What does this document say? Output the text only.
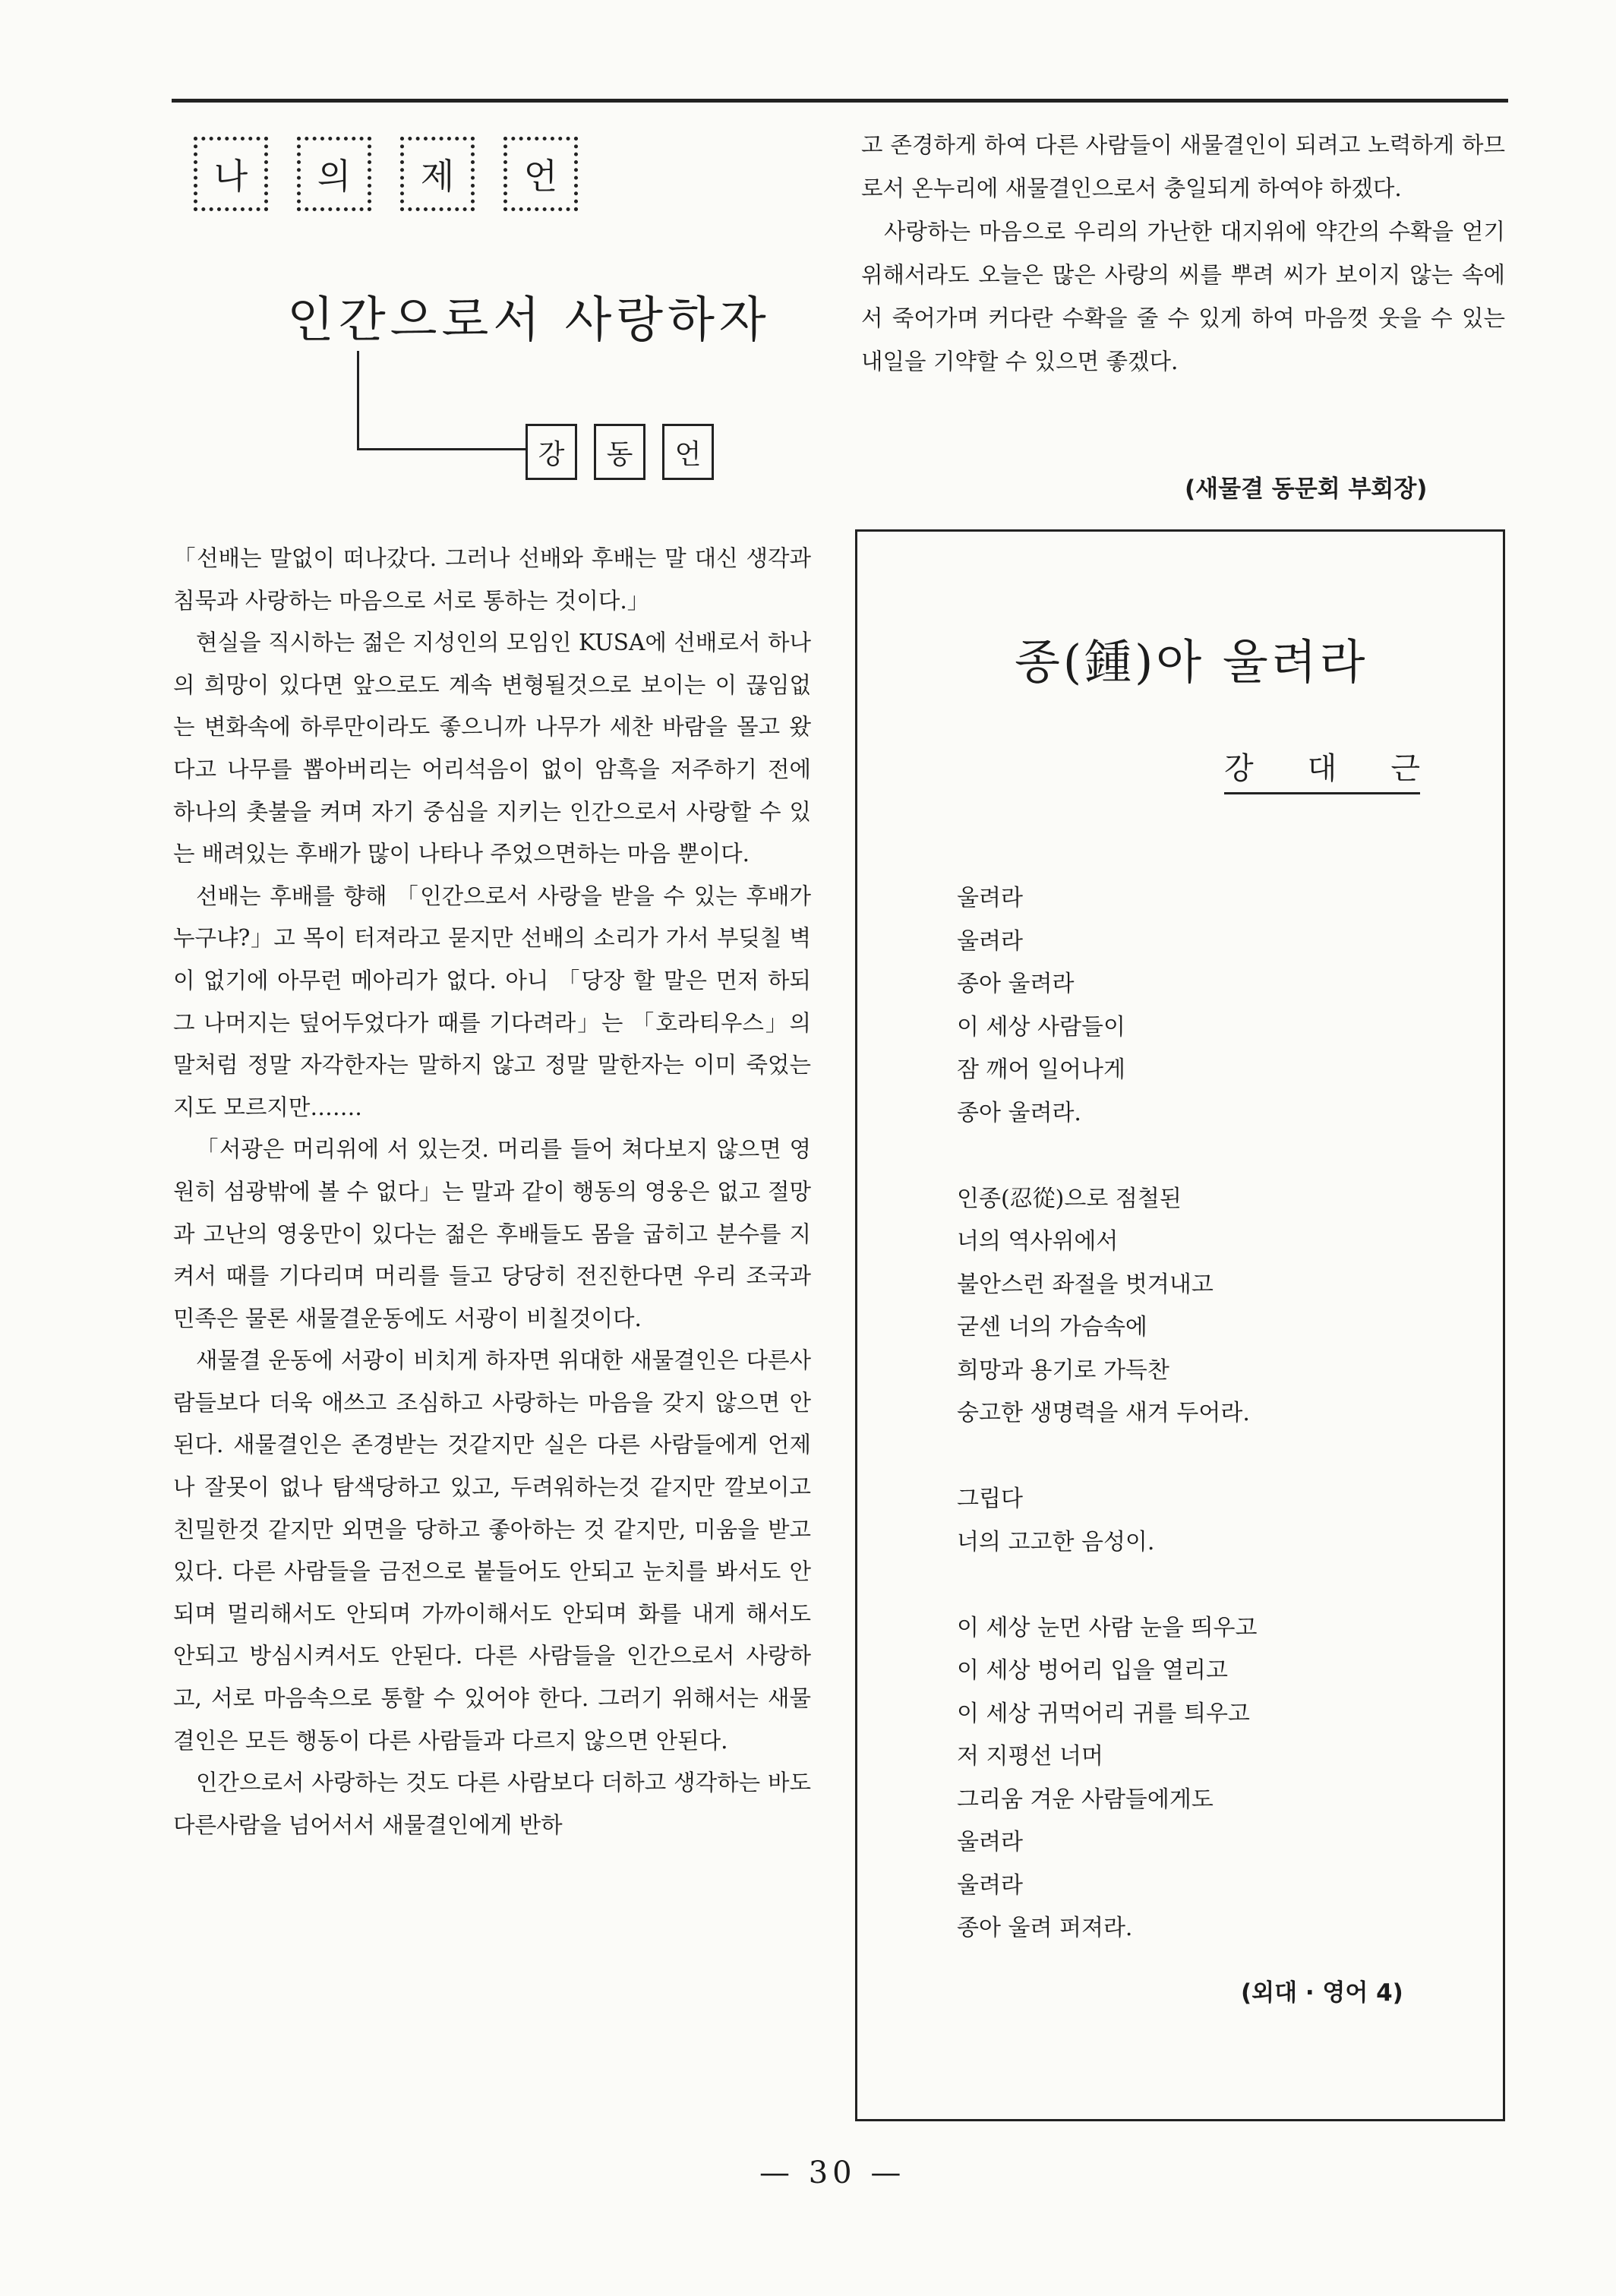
나	의	제	언
인간으로서 사랑하자
강	동	언

「선배는 말없이 떠나갔다. 그러나 선배와 후배는 말 대신 생각과 침묵과 사랑하는 마음으로 서로 통하는 것이다.」

현실을 직시하는 젊은 지성인의 모임인 KUSA에 선배로서 하나의 희망이 있다면 앞으로도 계속 변형될것으로 보이는 이 끊임없는 변화속에 하루만이라도 좋으니까 나무가 세찬 바람을 몰고 왔다고 나무를 뽑아버리는 어리석음이 없이 암흑을 저주하기 전에 하나의 촛불을 켜며 자기 중심을 지키는 인간으로서 사랑할 수 있는 배려있는 후배가 많이 나타나 주었으면하는 마음 뿐이다.

선배는 후배를 향해 「인간으로서 사랑을 받을 수 있는 후배가 누구냐?」고 목이 터져라고 묻지만 선배의 소리가 가서 부딪칠 벽이 없기에 아무런 메아리가 없다. 아니 「당장 할 말은 먼저 하되 그 나머지는 덮어두었다가 때를 기다려라」는 「호라티우스」의 말처럼 정말 자각한자는 말하지 않고 정말 말한자는 이미 죽었는지도 모르지만…….

「서광은 머리위에 서 있는것. 머리를 들어 쳐다보지 않으면 영원히 섬광밖에 볼 수 없다」는 말과 같이 행동의 영웅은 없고 절망과 고난의 영웅만이 있다는 젊은 후배들도 몸을 굽히고 분수를 지켜서 때를 기다리며 머리를 들고 당당히 전진한다면 우리 조국과 민족은 물론 새물결운동에도 서광이 비칠것이다.

새물결 운동에 서광이 비치게 하자면 위대한 새물결인은 다른사람들보다 더욱 애쓰고 조심하고 사랑하는 마음을 갖지 않으면 안된다. 새물결인은 존경받는 것같지만 실은 다른 사람들에게 언제나 잘못이 없나 탐색당하고 있고, 두려워하는것 같지만 깔보이고 친밀한것 같지만 외면을 당하고 좋아하는 것 같지만, 미움을 받고 있다. 다른 사람들을 금전으로 붙들어도 안되고 눈치를 봐서도 안되며 멀리해서도 안되며 가까이해서도 안되며 화를 내게 해서도 안되고 방심시켜서도 안된다. 다른 사람들을 인간으로서 사랑하고, 서로 마음속으로 통할 수 있어야 한다. 그러기 위해서는 새물결인은 모든 행동이 다른 사람들과 다르지 않으면 안된다.

인간으로서 사랑하는 것도 다른 사람보다 더하고 생각하는 바도 다른사람을 넘어서서 새물결인에게 반하

고 존경하게 하여 다른 사람들이 새물결인이 되려고 노력하게 하므로서 온누리에 새물결인으로서 충일되게 하여야 하겠다.

사랑하는 마음으로 우리의 가난한 대지위에 약간의 수확을 얻기 위해서라도 오늘은 많은 사랑의 씨를 뿌려 씨가 보이지 않는 속에서 죽어가며 커다란 수확을 줄 수 있게 하여 마음껏 웃을 수 있는 내일을 기약할 수 있으면 좋겠다.

(새물결 동문회 부회장)
종(鍾)아 울려라
강 대 근
울려라
울려라
종아 울려라
이 세상 사람들이
잠 깨어 일어나게
종아 울려라.
인종(忍從)으로 점철된
너의 역사위에서
불안스런 좌절을 벗겨내고
굳센 너의 가슴속에
희망과 용기로 가득찬
숭고한 생명력을 새겨 두어라.
그립다
너의 고고한 음성이.
이 세상 눈먼 사람 눈을 띄우고
이 세상 벙어리 입을 열리고
이 세상 귀먹어리 귀를 틔우고
저 지평선 너머
그리움 겨운 사람들에게도
울려라
울려라
종아 울려 퍼져라.
(외대 · 영어 4)
— 30 —
